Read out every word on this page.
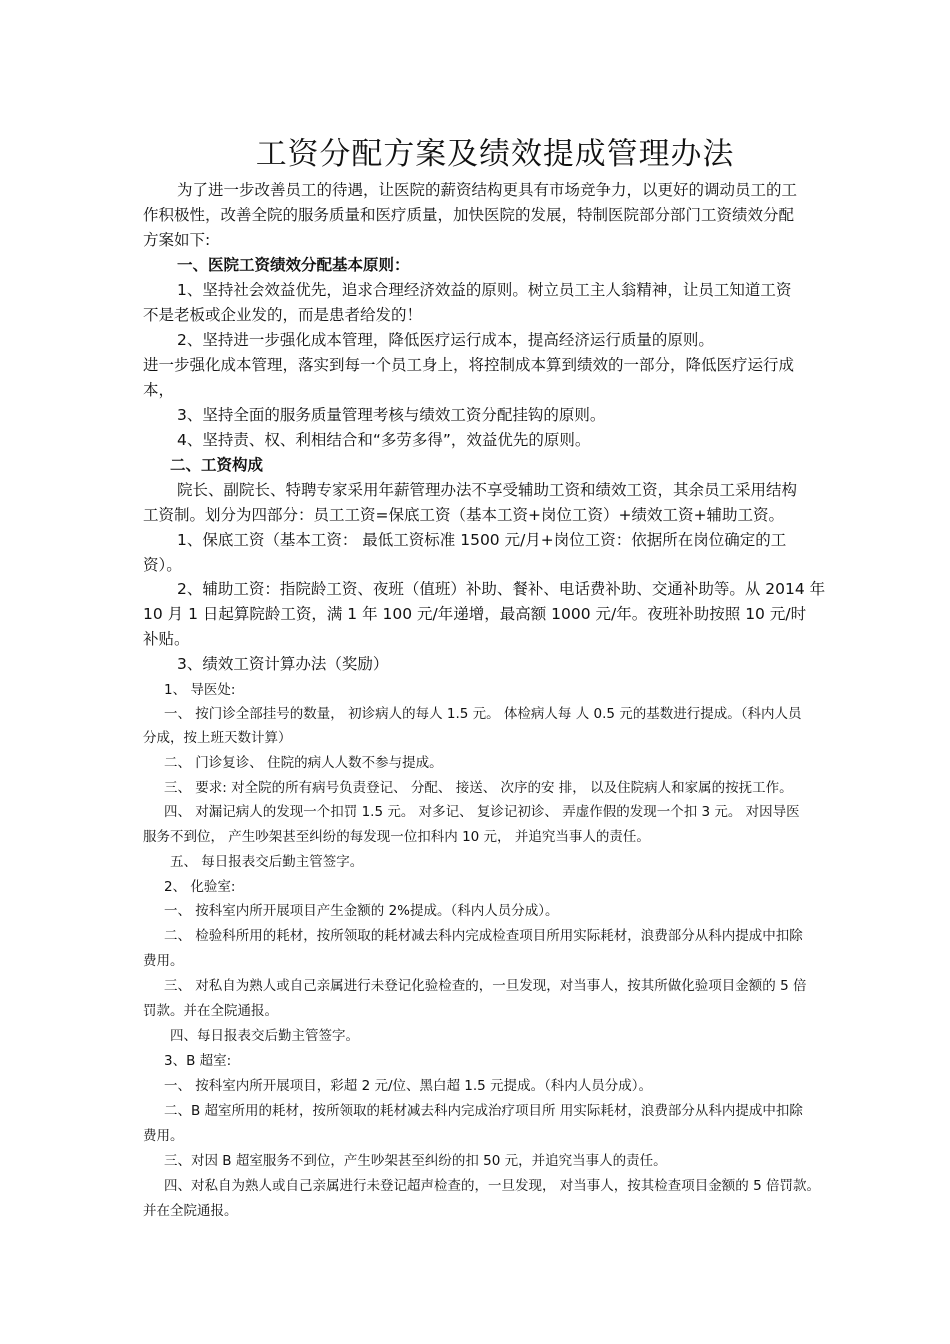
工资分配方案及绩效提成管理办法
为了进一步改善员工的待遇，让医院的薪资结构更具有市场竞争力，以更好的调动员工的工
作积极性，改善全院的服务质量和医疗质量，加快医院的发展，特制医院部分部门工资绩效分配
方案如下:
一、医院工资绩效分配基本原则：
1、坚持社会效益优先，追求合理经济效益的原则。树立员工主人翁精神，让员工知道工资
不是老板或企业发的，而是患者给发的！
2、坚持进一步强化成本管理，降低医疗运行成本，提高经济运行质量的原则。
进一步强化成本管理，落实到每一个员工身上，将控制成本算到绩效的一部分，降低医疗运行成
本，
3、坚持全面的服务质量管理考核与绩效工资分配挂钩的原则。
4、坚持责、权、利相结合和“多劳多得”，效益优先的原则。
二、工资构成
院长、副院长、特聘专家采用年薪管理办法不享受辅助工资和绩效工资，其余员工采用结构
工资制。划分为四部分：员工工资=保底工资（基本工资+岗位工资）+绩效工资+辅助工资。
1、保底工资（基本工资： 最低工资标准 1500 元/月+岗位工资：依据所在岗位确定的工
资）。
2、辅助工资：指院龄工资、夜班（值班）补助、餐补、电话费补助、交通补助等。从 2014 年
10 月 1 日起算院龄工资，满 1 年 100 元/年递增，最高额 1000 元/年。夜班补助按照 10 元/时
补贴。
3、绩效工资计算办法（奖励）
1、 导医处:
一、 按门诊全部挂号的数量， 初诊病人的每人 1.5 元。 体检病人每 人 0.5 元的基数进行提成。（科内人员
分成，按上班天数计算）
二、 门诊复诊、 住院的病人人数不参与提成。
三、 要求: 对全院的所有病号负责登记、 分配、 接送、 次序的安 排， 以及住院病人和家属的按抚工作。
四、 对漏记病人的发现一个扣罚 1.5 元。 对多记、 复诊记初诊、 弄虚作假的发现一个扣 3 元。 对因导医
服务不到位， 产生吵架甚至纠纷的每发现一位扣科内 10 元， 并追究当事人的责任。
五、 每日报表交后勤主管签字。
2、 化验室:
一、 按科室内所开展项目产生金额的 2%提成。（科内人员分成）。
二、 检验科所用的耗材，按所领取的耗材减去科内完成检查项目所用实际耗材，浪费部分从科内提成中扣除
费用。
三、 对私自为熟人或自己亲属进行未登记化验检查的，一旦发现，对当事人，按其所做化验项目金额的 5 倍
罚款。并在全院通报。
四、每日报表交后勤主管签字。
3、B 超室:
一、 按科室内所开展项目，彩超 2 元/位、黑白超 1.5 元提成。（科内人员分成）。
二、B 超室所用的耗材，按所领取的耗材减去科内完成治疗项目所 用实际耗材，浪费部分从科内提成中扣除
费用。
三、对因 B 超室服务不到位，产生吵架甚至纠纷的扣 50 元，并追究当事人的责任。
四、对私自为熟人或自己亲属进行未登记超声检查的，一旦发现， 对当事人，按其检查项目金额的 5 倍罚款。
并在全院通报。
